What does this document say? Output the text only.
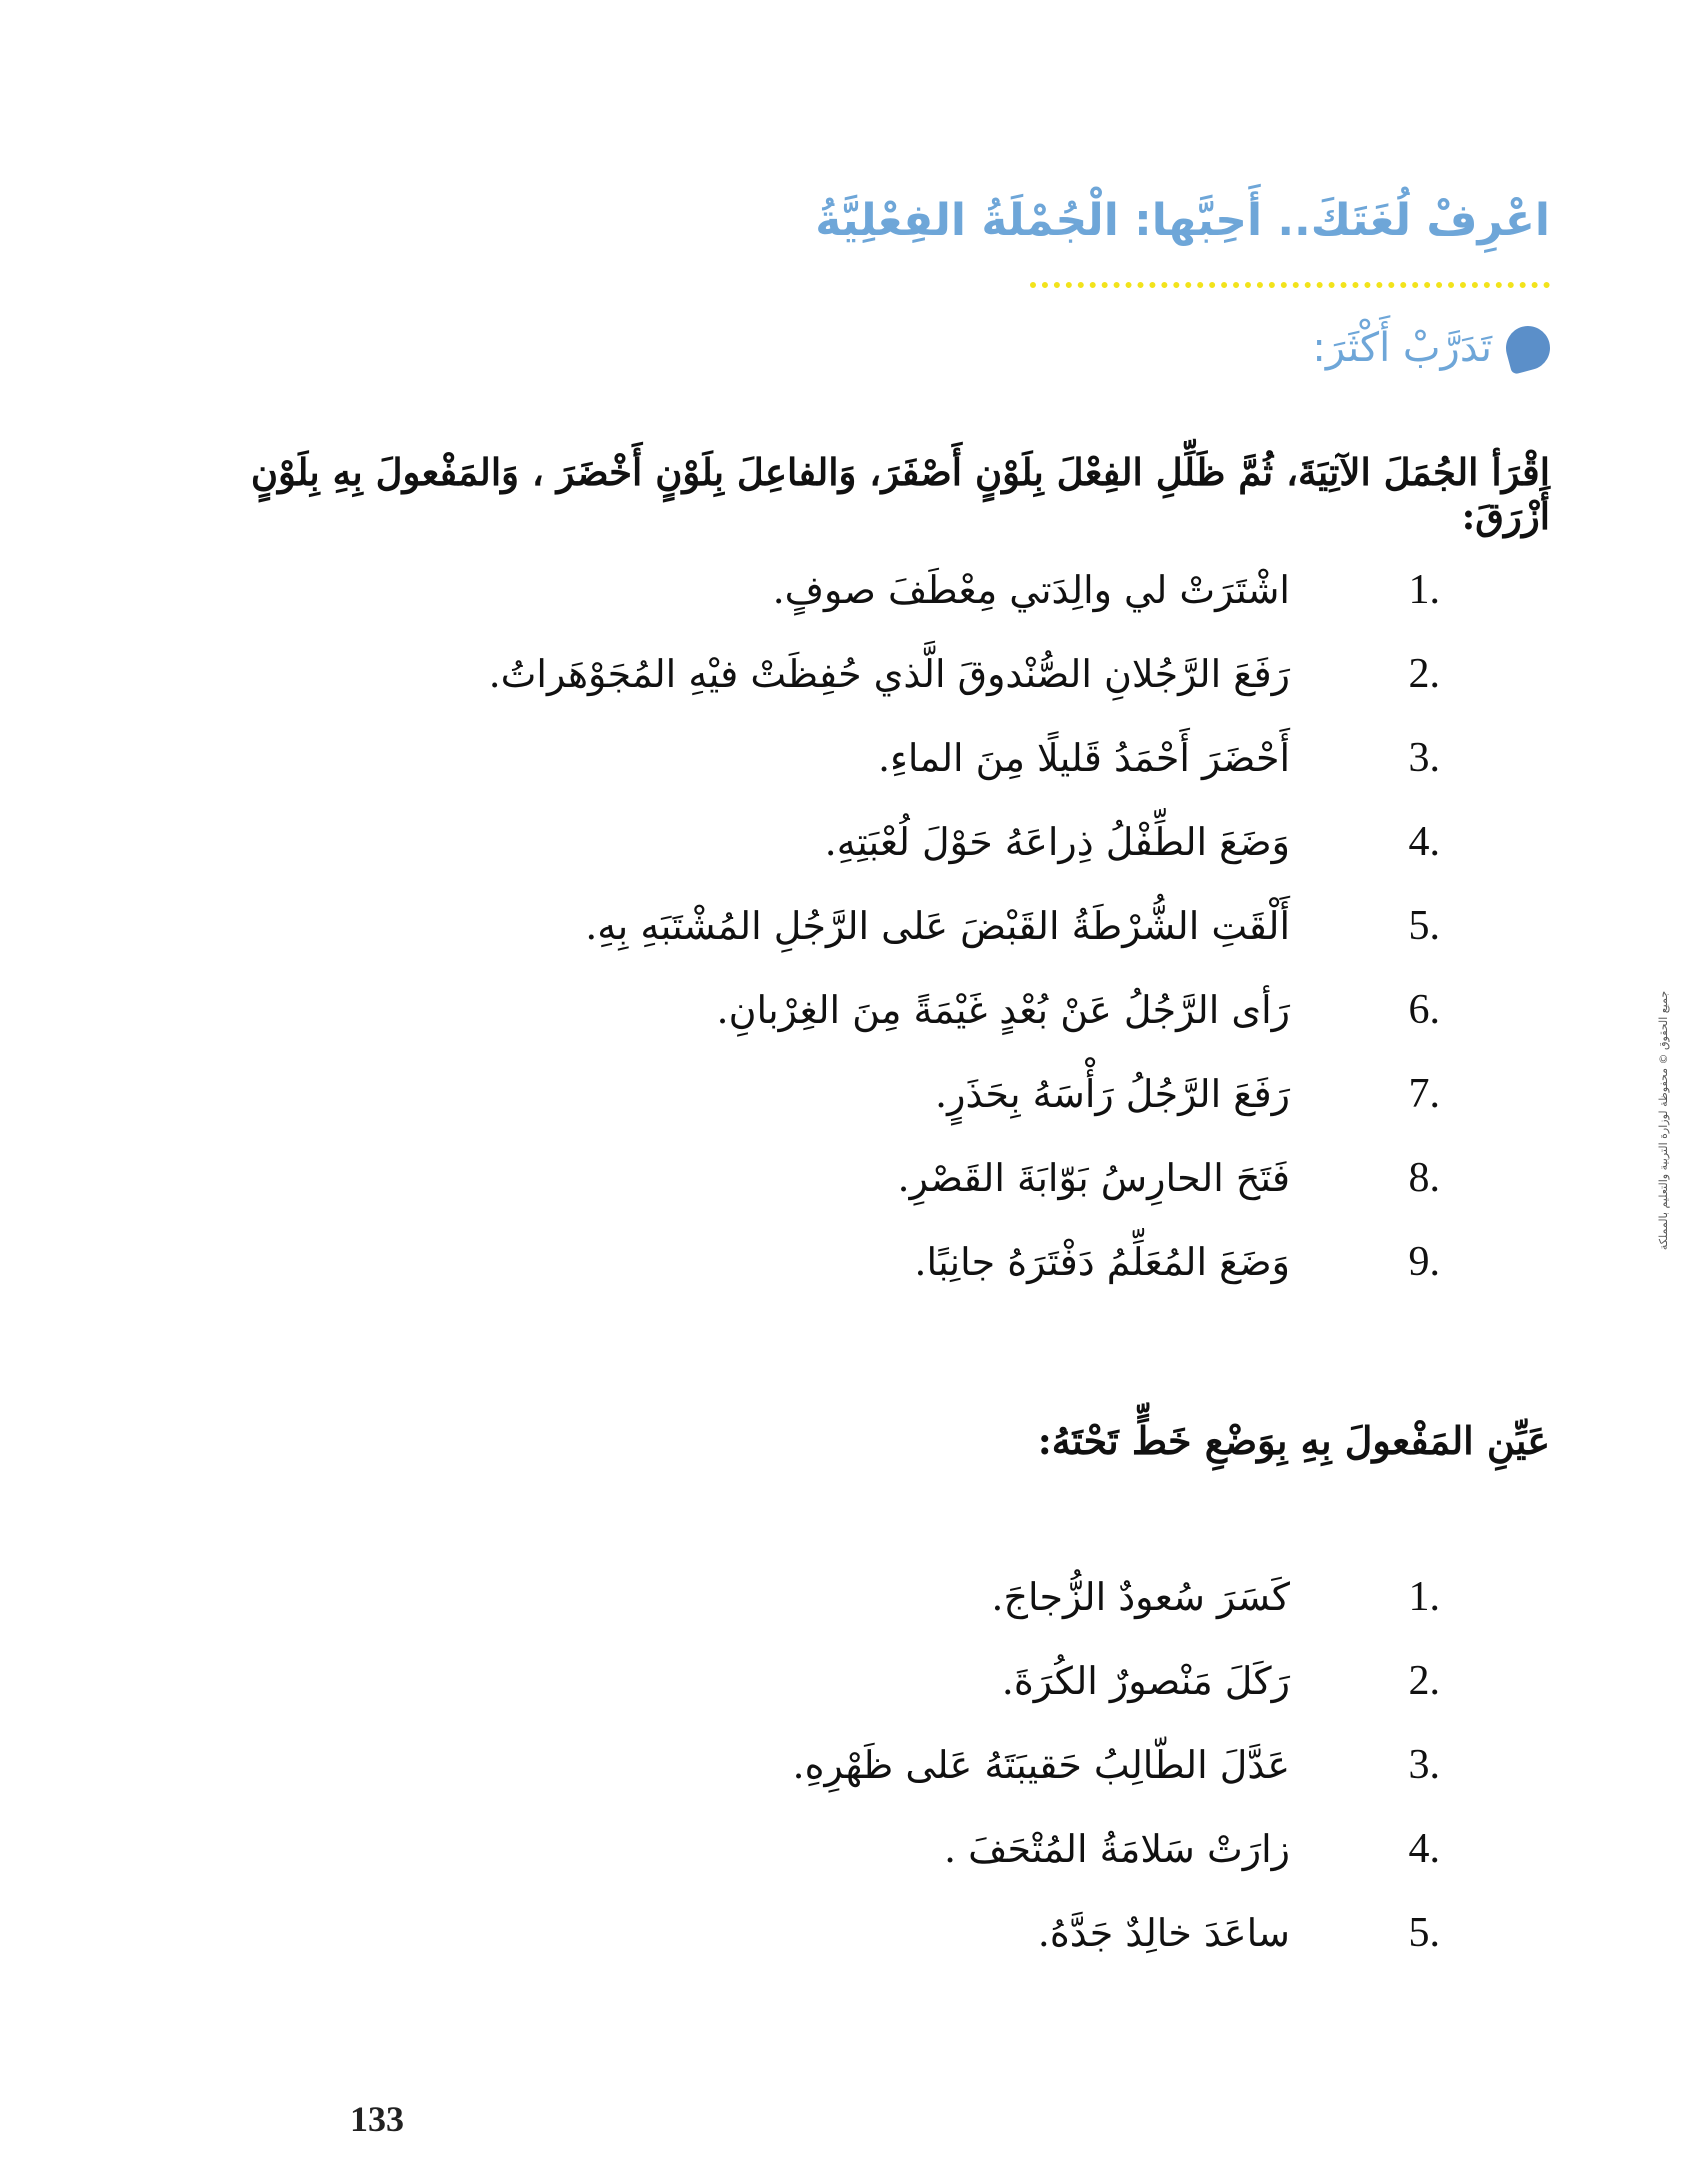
اعْرِفْ لُغَتَكَ.. أَحِبَّها: الْجُمْلَةُ الفِعْلِيَّةُ
تَدَرَّبْ أَكْثَرَ:
اقْرَأ الجُمَلَ الآتِيَةَ، ثُمَّ ظَلِّلِ الفِعْلَ بِلَوْنٍ أَصْفَرَ، وَالفاعِلَ بِلَوْنٍ أَخْضَرَ ، وَالمَفْعولَ بِهِ بِلَوْنٍ أَزْرَقَ:
1.
اشْتَرَتْ لي والِدَتي مِعْطَفَ صوفٍ.
2.
رَفَعَ الرَّجُلانِ الصُّنْدوقَ الَّذي حُفِظَتْ فيْهِ المُجَوْهَراتُ.
3.
أَحْضَرَ أَحْمَدُ قَليلًا مِنَ الماءِ.
4.
وَضَعَ الطِّفْلُ ذِراعَهُ حَوْلَ لُعْبَتِهِ.
5.
أَلْقَتِ الشُّرْطَةُ القَبْضَ عَلى الرَّجُلِ المُشْتَبَهِ بِهِ.
6.
رَأى الرَّجُلُ عَنْ بُعْدٍ غَيْمَةً مِنَ الغِرْبانِ.
7.
رَفَعَ الرَّجُلُ رَأْسَهُ بِحَذَرٍ.
8.
فَتَحَ الحارِسُ بَوّابَةَ القَصْرِ.
9.
وَضَعَ المُعَلِّمُ دَفْتَرَهُ جانِبًا.
عَيِّنِ المَفْعولَ بِهِ بِوَضْعِ خَطٍّ تَحْتَهُ:
1.
كَسَرَ سُعودٌ الزُّجاجَ.
2.
رَكَلَ مَنْصورٌ الكُرَةَ.
3.
عَدَّلَ الطّالِبُ حَقيبَتَهُ عَلى ظَهْرِهِ.
4.
زارَتْ سَلامَةُ المُتْحَفَ .
5.
ساعَدَ خالِدٌ جَدَّهُ.
جميع الحقوق © محفوظة لوزارة التربية والتعليم بالمملكة
133
